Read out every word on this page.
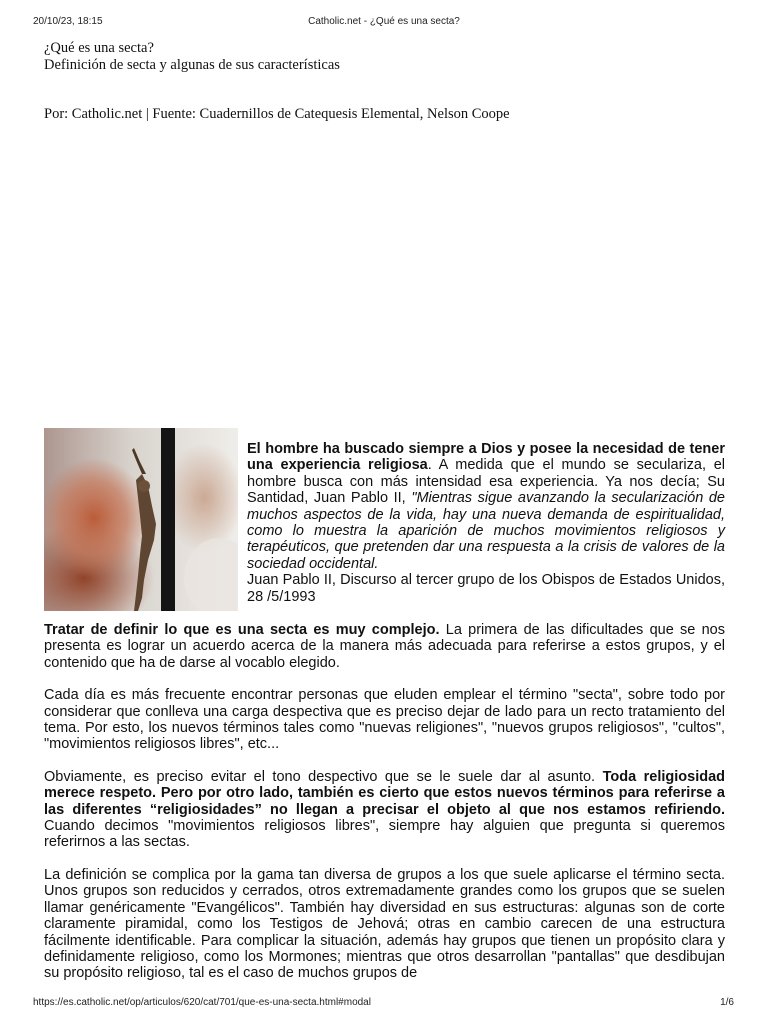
20/10/23, 18:15	Catholic.net - ¿Qué es una secta?
¿Qué es una secta?
Definición de secta y algunas de sus características
Por: Catholic.net | Fuente: Cuadernillos de Catequesis Elemental, Nelson Coope
El hombre ha buscado siempre a Dios y posee la necesidad de tener una experiencia religiosa. A medida que el mundo se seculariza, el hombre busca con más intensidad esa experiencia. Ya nos decía; Su Santidad, Juan Pablo II, "Mientras sigue avanzando la secularización de muchos aspectos de la vida, hay una nueva demanda de espiritualidad, como lo muestra la aparición de muchos movimientos religiosos y terapéuticos, que pretenden dar una respuesta a la crisis de valores de la sociedad occidental.
Juan Pablo II, Discurso al tercer grupo de los Obispos de Estados Unidos, 28 /5/1993

Tratar de definir lo que es una secta es muy complejo. La primera de las dificultades que se nos presenta es lograr un acuerdo acerca de la manera más adecuada para referirse a estos grupos, y el contenido que ha de darse al vocablo elegido.

Cada día es más frecuente encontrar personas que eluden emplear el término "secta", sobre todo por considerar que conlleva una carga despectiva que es preciso dejar de lado para un recto tratamiento del tema. Por esto, los nuevos términos tales como "nuevas religiones", "nuevos grupos religiosos", "cultos", "movimientos religiosos libres", etc...

Obviamente, es preciso evitar el tono despectivo que se le suele dar al asunto. Toda religiosidad merece respeto. Pero por otro lado, también es cierto que estos nuevos términos para referirse a las diferentes “religiosidades” no llegan a precisar el objeto al que nos estamos refiriendo. Cuando decimos "movimientos religiosos libres", siempre hay alguien que pregunta si queremos referirnos a las sectas.

La definición se complica por la gama tan diversa de grupos a los que suele aplicarse el término secta. Unos grupos son reducidos y cerrados, otros extremadamente grandes como los grupos que se suelen llamar genéricamente "Evangélicos". También hay diversidad en sus estructuras: algunas son de corte claramente piramidal, como los Testigos de Jehová; otras en cambio carecen de una estructura fácilmente identificable. Para complicar la situación, además hay grupos que tienen un propósito clara y definidamente religioso, como los Mormones; mientras que otros desarrollan "pantallas" que desdibujan su propósito religioso, tal es el caso de muchos grupos de

https://es.catholic.net/op/articulos/620/cat/701/que-es-una-secta.html#modal	1/6
